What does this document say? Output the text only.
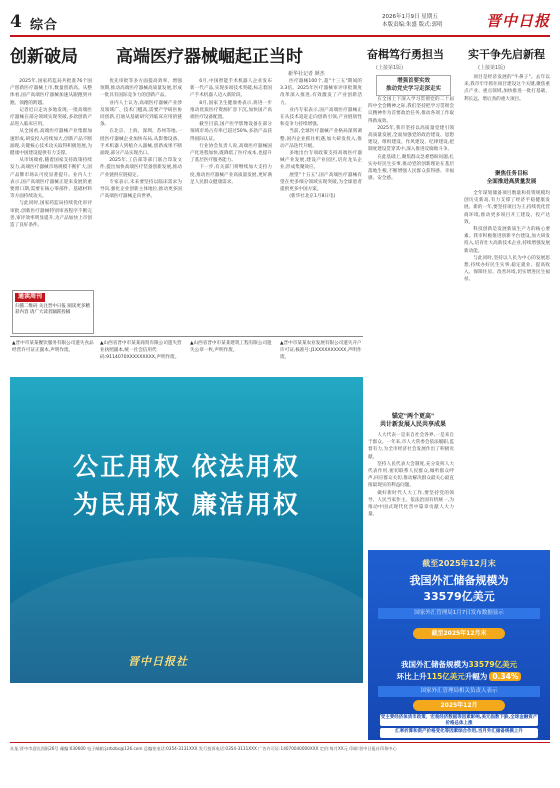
4 综合
2026年1月9日 星期五
本版责编:朱盛 版式:郭明	晋中日报
创新破局 高端医疗器械崛起正当时
新华社记者 颜杰

2025年,国家药监局共批准76个国产创新医疗器械上市,数量创新高。从整体看,国产高端医疗器械加速从跟跑到并跑、领跑的跨越。

记者近日走访多地发现,一批高端医疗器械在部分领域实现突破,多款创新产品进入临床应用。

从全国看,高端医疗器械产业集群加速形成,研发投入持续加大,创新产品不断涌现,关键核心技术攻关取得积极进展,为健康中国建设提供有力支撑。

从市场端看,随着国家支持政策持续发力,高端医疗器械市场规模不断扩大,国产品牌市场认可度显著提升。业内人士表示,国产高端医疗器械正迎来发展的重要窗口期,需要在核心零部件、基础材料等方面持续攻关。

与此同时,国家药监局持续优化审评审批,创新医疗器械特别审查程序不断完善,审评效率明显提升,为产品加快上市创造了良好条件。

通读周刊
扫描二维码 关注晋中日报 阅读更多精彩内容 请广大读者踊跃投稿

优先审批等多方面提高效率、增强预期,推动高端医疗器械高质量发展,形成一批具有国际竞争力的创新产品。

业内人士认为,高端医疗器械产业涉及领域广、技术门槛高,需要产学研医协同创新,打通从基础研究到临床应用的链条。

在北京、上海、深圳、苏州等地,一批医疗器械企业加快布局,从影像设备、手术机器人到植介入器械,创新成果不断涌现,部分产品实现出口。

2025年,工信部等部门联合印发文件,提出加快高端医疗装备创新发展,推动产业链供应链稳定。

专家表示,未来要坚持以临床需求为导向,强化企业创新主体地位,推动更多国产高端医疗器械走向世界。

6月,中国智能手术机器人企业发布新一代产品,实现多项技术突破,标志着国产手术机器人迈入新阶段。

8月,国家卫生健康委表示,将进一步推动优质医疗资源扩容下沉,加快国产高端医疗设备配置。

截至目前,国产医学影像设备在部分领域市场占有率已超过50%,多款产品获得国际认证。

行业协会负责人说,高端医疗器械国产化进程加快,既降低了医疗成本,也提升了基层医疗服务能力。

下一步,有关部门将继续加大支持力度,推动医疗器械产业高质量发展,更好满足人民群众健康需求。

医疗器械100个,超"十三五"期间的3.3倍。2025年医疗器械审评审批制度改革深入推进,有效激发了产业创新活力。

业内专家表示,国产高端医疗器械正在从技术追赶走向创新引领,产业链韧性和竞争力持续增强。

当前,全球医疗器械产业格局深刻调整,国内企业抓住机遇,加大研发投入,推动产品迭代升级。

多地出台专项政策支持高端医疗器械产业发展,建设产业园区,培育龙头企业,形成集聚效应。

展望"十五五",国产高端医疗器械有望在更多细分领域实现突破,为全球患者提供更多中国方案。

(新华社北京1月8日电)

▲山西省晋中市某某商贸有限公司遗失营业执照副本,统一社会信用代码:9114070XXXXXXXXX,声明作废。
▲山西省晋中市某某建筑工程有限公司遗失公章一枚,声明作废。
▲晋中市某某农业发展有限公司遗失开户许可证,核准号:J1XXXXXXXXXX,声明作废。
▲晋中市某某餐饮服务有限公司遗失食品经营许可证正副本,声明作废。
公正用权 依法用权
为民用权 廉洁用权
晋中日报社
奋楫笃行勇担当
(上接第1版)
增强首要实效
推动党史学习走深走实

在全国上下深入学习贯彻党的二十届四中全会精神之际,我们坚持把学习贯彻会议精神作为首要政治任务,推动各项工作取得新成效。

2025年,我市坚持以高质量党建引领高质量发展,全面加强党的政治建设、思想建设、组织建设、作风建设、纪律建设,把制度建设贯穿其中,深入推进反腐败斗争。

在此基础上,聚焦群众急难愁盼问题,扎实办好民生实事,推动党的创新理论在基层落地生根,不断增强人民群众获得感、幸福感、安全感。

锚定"两个更高"
共计新发展人民共享成果

人大代表一是来自社会各界,一是来自于群众。一年来,市人大常委会依法履职,监督有力,为全市经济社会发展作出了积极贡献。

坚持人民代表大会制度,充分发挥人大代表作用,密切联系人民群众,倾听群众呼声,回应群众关切,推动解决群众最关心最直接最现实的利益问题。

做好新时代人大工作,要坚持党的领导、人民当家作主、依法治国有机统一,为推动中国式现代化晋中篇章贡献人大力量。

实干争先启新程
(上接第1版)

项目是经济发展的"牛鼻子"。去年以来,我市牢牢抓住项目建设这个关键,聚焦重点产业、重点领域,加快推进一批打基础、利长远、增后劲的重大项目。

聚焦任务目标
全面推进高质量发展

全年谋划储备项目数量和投资规模均创历史新高,有力支撑了经济平稳健康发展。新的一年,要坚持项目为王,持续优化营商环境,推动更多项目开工建设、投产达效。

科技创新是发展新质生产力的核心要素。我市积极推进创新平台建设,加大研发投入,培育壮大高新技术企业,持续增强发展新动能。

与此同时,坚持以人民为中心的发展思想,持续办好民生实事,稳定就业、提高收入、保障住房、改善环境,切实增进民生福祉。

截至2025年12月末
我国外汇储备规模为
33579亿美元
国家外汇管理局1月7日发布数据显示
截至2025年12月末
我国外汇储备规模为33579亿美元
环比上升115亿美元升幅为 0.34%
国家外汇管理局相关负责人表示
2025年12月
受主要经济体货币政策、宏观经济数据等因素影响,美元指数下跌,全球金融资产价格总体上涨
汇率折算和资产价格变化等因素综合作用,当月外汇储备规模上升
社址:晋中市迎宾西街26号 邮编:030600 电子邮箱:jzrbzbs@126.com 总编室电话:0354-3131XXX 发行投诉电话:0354-3131XXX 广告许可证:14070040000XXX 定价:每月XX元 印刷:晋中日报社印务中心
